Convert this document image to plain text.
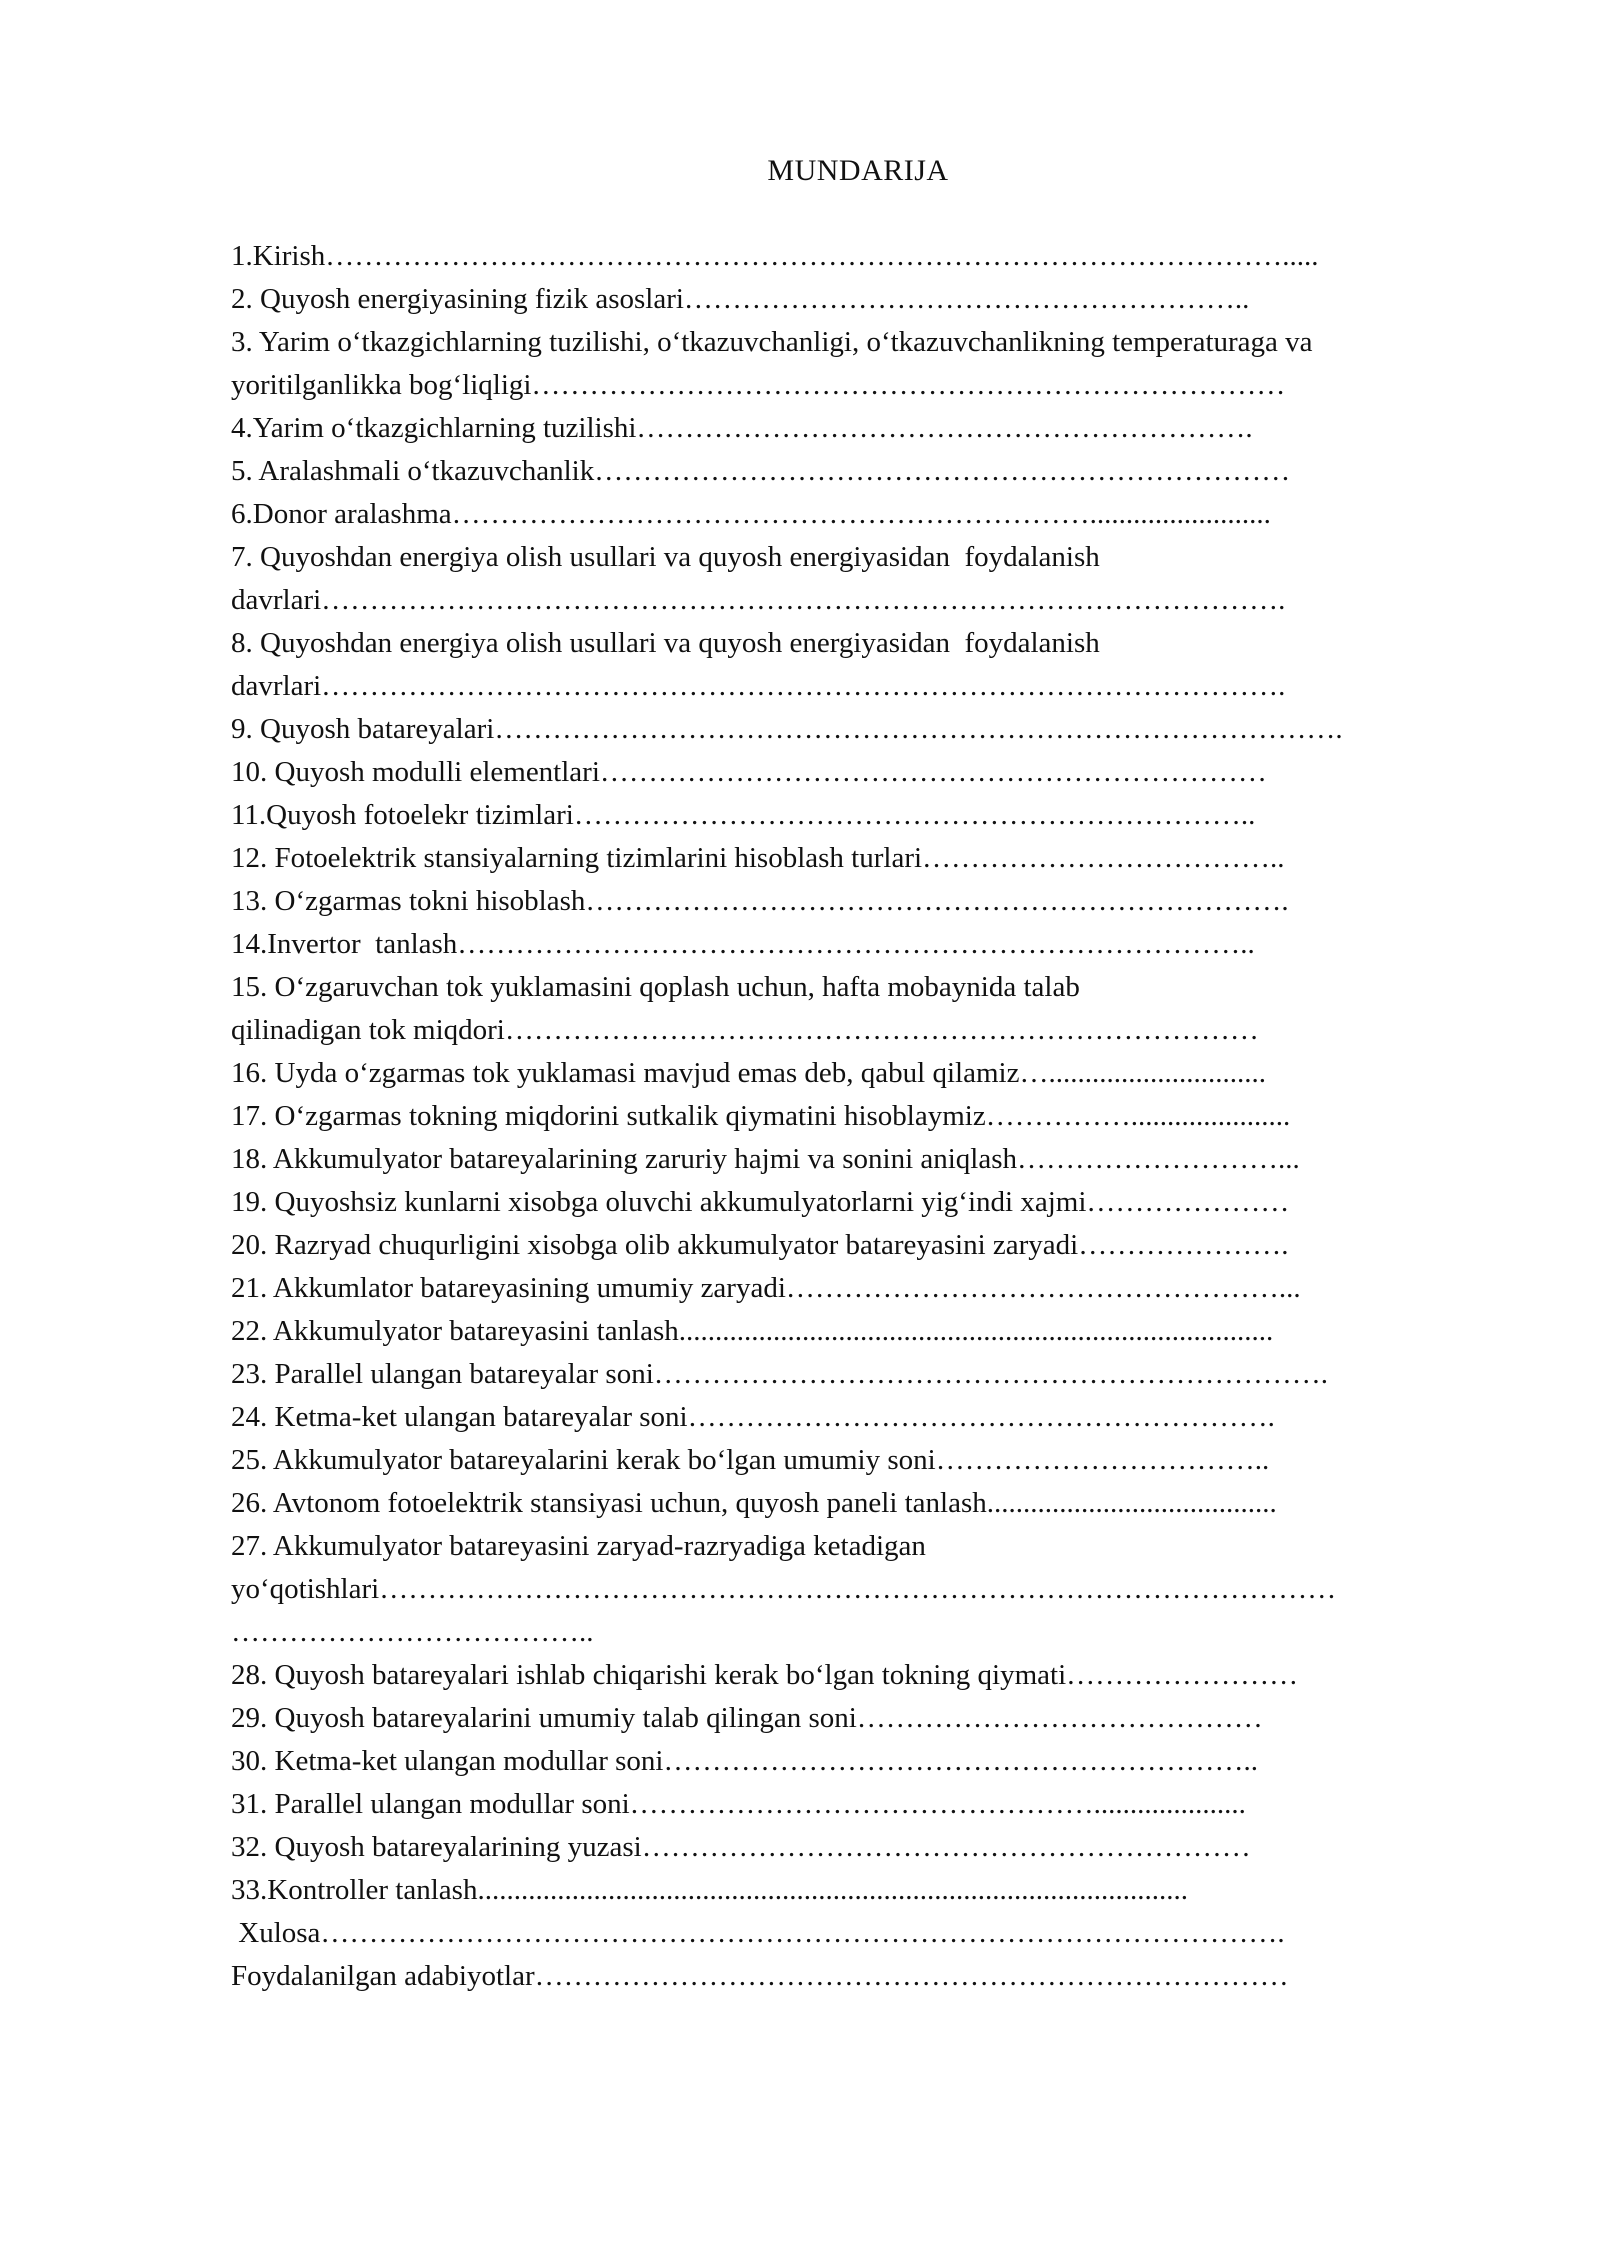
MUNDARIJA
1.Kirish……………………………………………………………………………………….....
2. Quyosh energiyasining fizik asoslari…………………………………………………..
3. Yarim o‘tkazgichlarning tuzilishi, o‘tkazuvchanligi, o‘tkazuvchanlikning temperaturaga va
yoritilganlikka bog‘liqligi……………………………………………………………………
4.Yarim o‘tkazgichlarning tuzilishi……………………………………………………….
5. Aralashmali o‘tkazuvchanlik………………………………………………………………
6.Donor aralashma………………………………………………………….........................
7. Quyoshdan energiya olish usullari va quyosh energiyasidan  foydalanish
davrlari……………………………………………………………………………………….
8. Quyoshdan energiya olish usullari va quyosh energiyasidan  foydalanish
davrlari……………………………………………………………………………………….
9. Quyosh batareyalari…………………………………………………………………………….
10. Quyosh modulli elementlari……………………………………………………………
11.Quyosh fotoelekr tizimlari……………………………………………………………..
12. Fotoelektrik stansiyalarning tizimlarini hisoblash turlari………………………………..
13. O‘zgarmas tokni hisoblash……………………………………………………………….
14.Invertor  tanlash………………………………………………………………………..
15. O‘zgaruvchan tok yuklamasini qoplash uchun, hafta mobaynida talab
qilinadigan tok miqdori……………………………………………………………………
16. Uyda o‘zgarmas tok yuklamasi mavjud emas deb, qabul qilamiz…..............................
17. O‘zgarmas tokning miqdorini sutkalik qiymatini hisoblaymiz……………......................
18. Akkumulyator batareyalarining zaruriy hajmi va sonini aniqlash………………………...
19. Quyoshsiz kunlarni xisobga oluvchi akkumulyatorlarni yig‘indi xajmi…………………
20. Razryad chuqurligini xisobga olib akkumulyator batareyasini zaryadi………………….
21. Akkumlator batareyasining umumiy zaryadi……………………………………………...
22. Akkumulyator batareyasini tanlash..................................................................................
23. Parallel ulangan batareyalar soni…………………………………………………………….
24. Ketma-ket ulangan batareyalar soni…………………………………………………….
25. Akkumulyator batareyalarini kerak bo‘lgan umumiy soni……………………………..
26. Avtonom fotoelektrik stansiyasi uchun, quyosh paneli tanlash........................................
27. Akkumulyator batareyasini zaryad-razryadiga ketadigan
yo‘qotishlari………………………………………………………………………………………
………………………………..
28. Quyosh batareyalari ishlab chiqarishi kerak bo‘lgan tokning qiymati……………………
29. Quyosh batareyalarini umumiy talab qilingan soni……………………………………
30. Ketma-ket ulangan modullar soni……………………………………………………..
31. Parallel ulangan modullar soni………………………………………….....................
32. Quyosh batareyalarining yuzasi………………………………………………………
33.Kontroller tanlash..................................................................................................
Xulosa……………………………………………………………………………………….
Foydalanilgan adabiyotlar……………………………………………………………………
